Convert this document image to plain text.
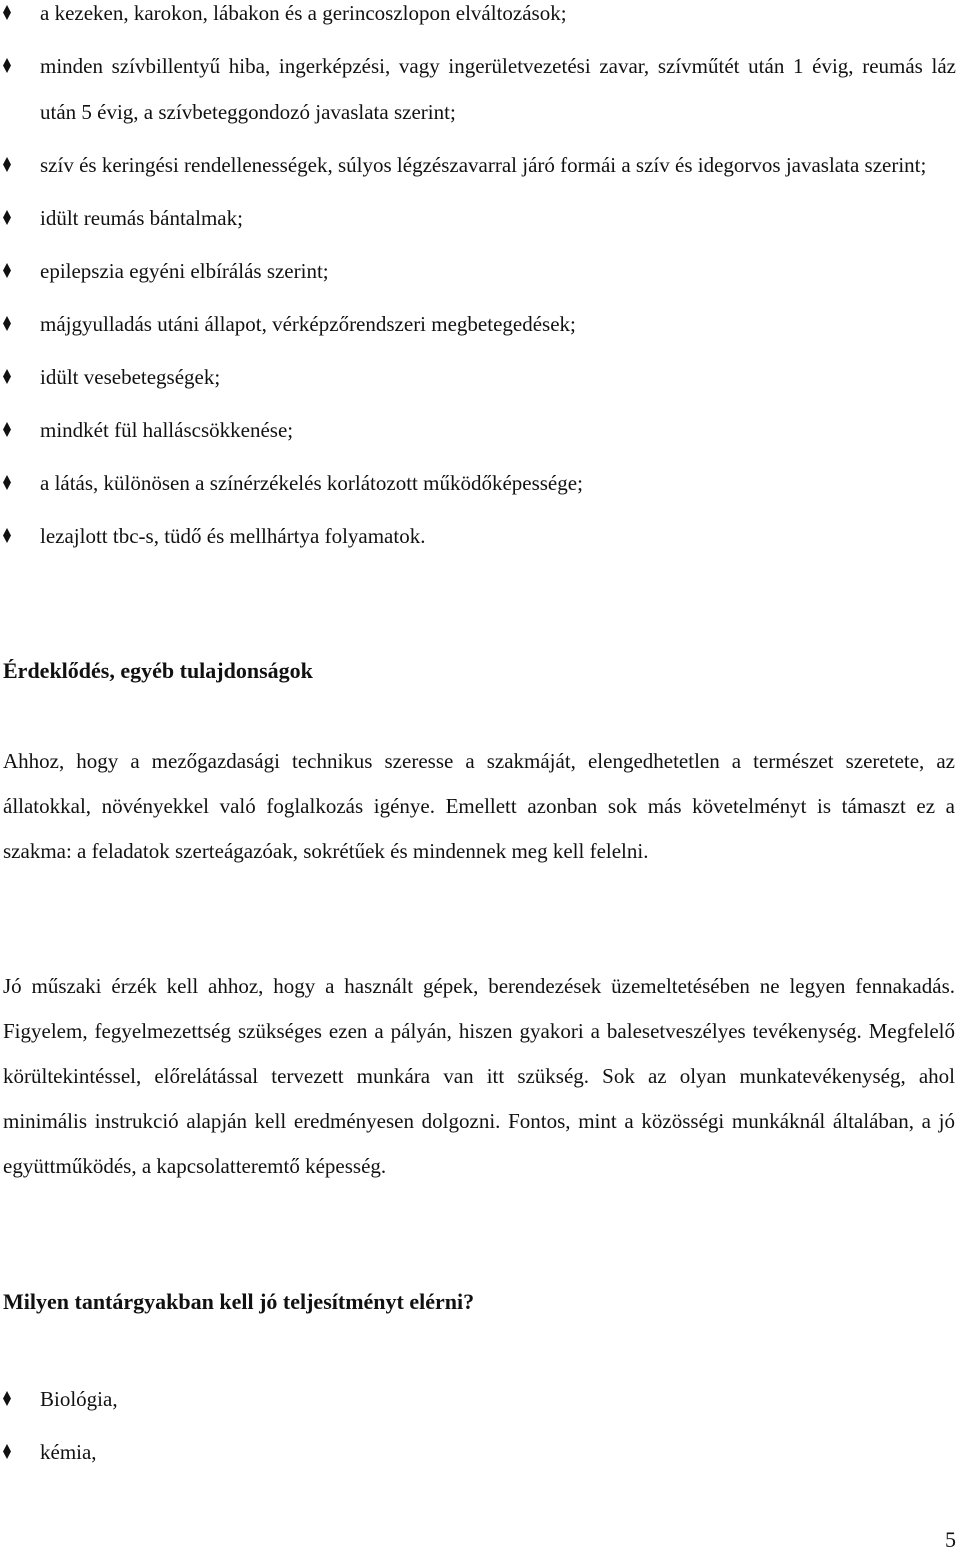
a kezeken, karokon, lábakon és a gerincoszlopon elváltozások;
minden szívbillentyű hiba, ingerképzési, vagy ingerületvezetési zavar, szívműtét után 1 évig, reumás láz után 5 évig, a szívbeteggondozó javaslata szerint;
szív és keringési rendellenességek, súlyos légzészavarral járó formái a szív és idegorvos javaslata szerint;
idült reumás bántalmak;
epilepszia egyéni elbírálás szerint;
májgyulladás utáni állapot, vérképzőrendszeri megbetegedések;
idült vesebetegségek;
mindkét fül halláscsökkenése;
a látás, különösen a színérzékelés korlátozott működőképessége;
lezajlott tbc-s, tüdő és mellhártya folyamatok.
Érdeklődés, egyéb tulajdonságok

Ahhoz, hogy a mezőgazdasági technikus szeresse a szakmáját, elengedhetetlen a természet szeretete, az állatokkal, növényekkel való foglalkozás igénye. Emellett azonban sok más követelményt is támaszt ez a szakma: a feladatok szerteágazóak, sokrétűek és mindennek meg kell felelni.

Jó műszaki érzék kell ahhoz, hogy a használt gépek, berendezések üzemeltetésében ne legyen fennakadás. Figyelem, fegyelmezettség szükséges ezen a pályán, hiszen gyakori a balesetveszélyes tevékenység. Megfelelő körültekintéssel, előrelátással tervezett munkára van itt szükség. Sok az olyan munkatevékenység, ahol minimális instrukció alapján kell eredményesen dolgozni. Fontos, mint a közösségi munkáknál általában, a jó együttműködés, a kapcsolatteremtő képesség.

Milyen tantárgyakban kell jó teljesítményt elérni?
Biológia,
kémia,
5
